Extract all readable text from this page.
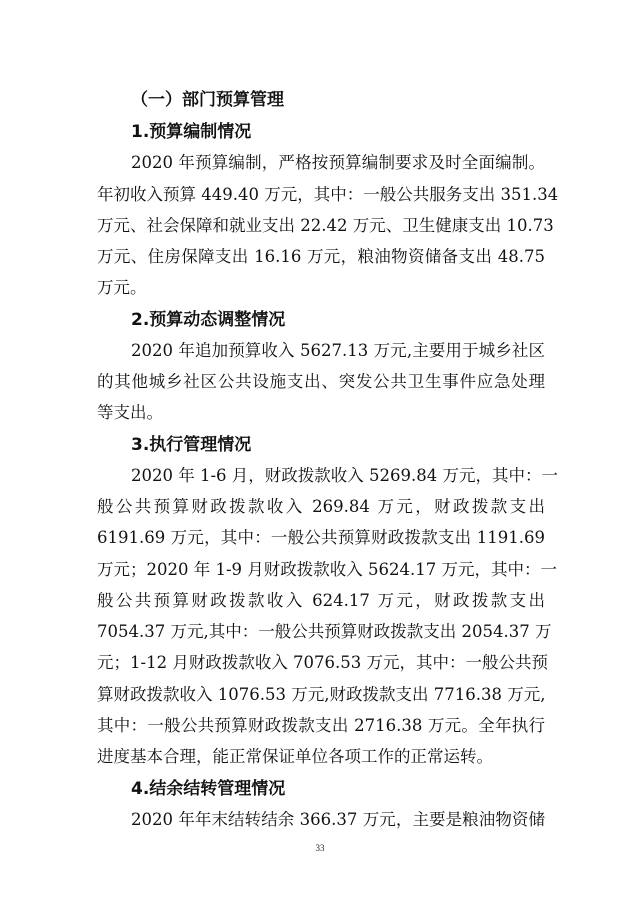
（一）部门预算管理
1.预算编制情况
2020 年预算编制，严格按预算编制要求及时全面编制。
年初收入预算 449.40 万元，其中：一般公共服务支出 351.34
万元、社会保障和就业支出 22.42 万元、卫生健康支出 10.73
万元、住房保障支出 16.16 万元，粮油物资储备支出 48.75
万元。
2.预算动态调整情况
2020 年追加预算收入 5627.13 万元,主要用于城乡社区
的其他城乡社区公共设施支出、突发公共卫生事件应急处理
等支出。
3.执行管理情况
2020 年 1-6 月，财政拨款收入 5269.84 万元，其中：一
般公共预算财政拨款收入 269.84 万元，财政拨款支出
6191.69 万元，其中：一般公共预算财政拨款支出 1191.69
万元；2020 年 1-9 月财政拨款收入 5624.17 万元，其中：一
般公共预算财政拨款收入 624.17 万元，财政拨款支出
7054.37 万元,其中：一般公共预算财政拨款支出 2054.37 万
元；1-12 月财政拨款收入 7076.53 万元，其中：一般公共预
算财政拨款收入 1076.53 万元,财政拨款支出 7716.38 万元,
其中：一般公共预算财政拨款支出 2716.38 万元。全年执行
进度基本合理，能正常保证单位各项工作的正常运转。
4.结余结转管理情况
2020 年年末结转结余 366.37 万元，主要是粮油物资储
33
